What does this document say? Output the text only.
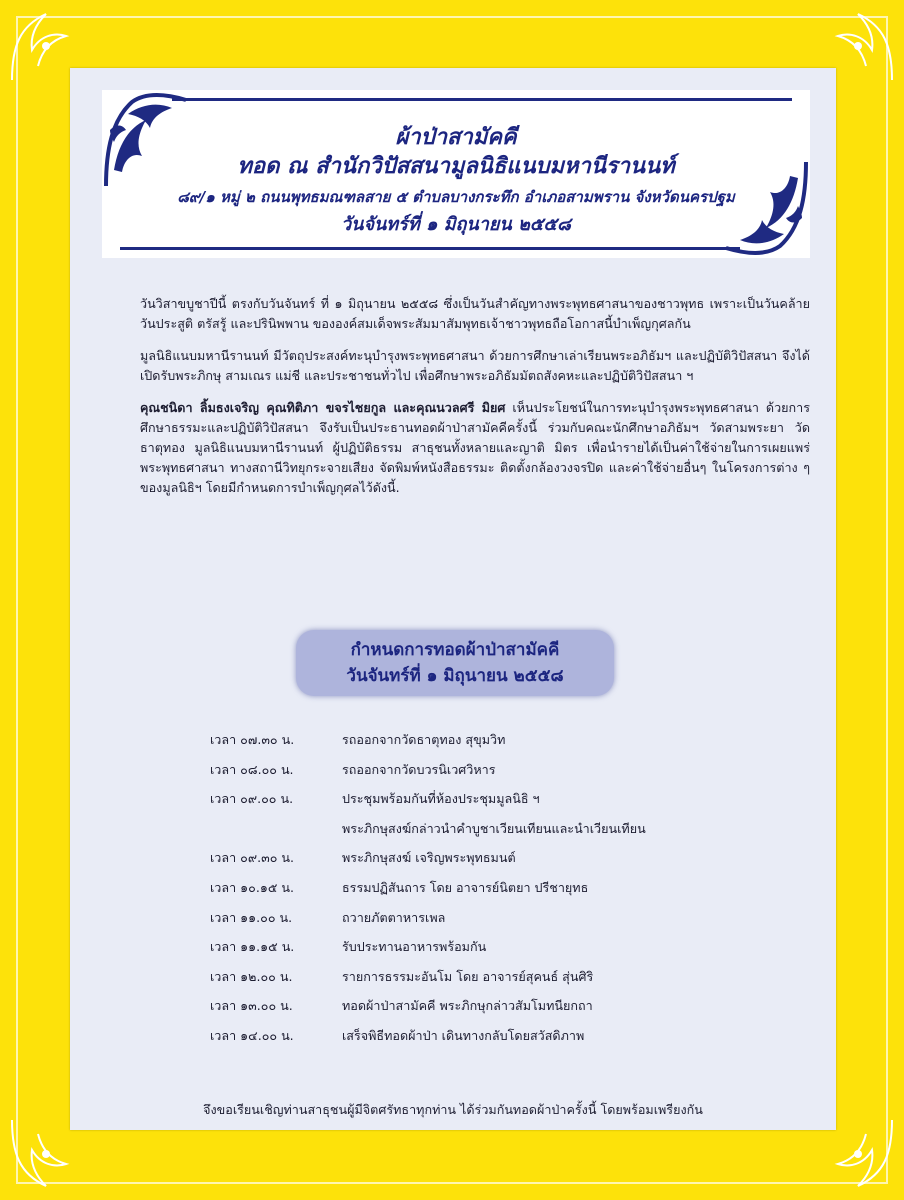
ผ้าป่าสามัคคี
ทอด ณ สำนักวิปัสสนามูลนิธิแนบมหานีรานนท์
๘๙/๑ หมู่ ๒ ถนนพุทธมณฑลสาย ๕ ตำบลบางกระทึก อำเภอสามพราน จังหวัดนครปฐม
วันจันทร์ที่ ๑ มิถุนายน ๒๕๕๘

วันวิสาขบูชาปีนี้ ตรงกับวันจันทร์ ที่ ๑ มิถุนายน ๒๕๕๘ ซึ่งเป็นวันสำคัญทางพระพุทธศาสนาของชาวพุทธ เพราะเป็นวันคล้ายวันประสูติ ตรัสรู้ และปรินิพพาน ขององค์สมเด็จพระสัมมาสัมพุทธเจ้าชาวพุทธถือโอกาสนี้บำเพ็ญกุศลกัน

มูลนิธิแนบมหานีรานนท์ มีวัตถุประสงค์ทะนุบำรุงพระพุทธศาสนา ด้วยการศึกษาเล่าเรียนพระอภิธัมฯ และปฏิบัติวิปัสสนา จึงได้เปิดรับพระภิกษุ สามเณร แม่ชี และประชาชนทั่วไป เพื่อศึกษาพระอภิธัมมัตถสังคหะและปฏิบัติวิปัสสนา ฯ

คุณชนิดา ลิ้มธงเจริญ คุณทิติภา ขจรไชยกูล และคุณนวลศรี มิยศ เห็นประโยชน์ในการทะนุบำรุงพระพุทธศาสนา ด้วยการศึกษาธรรมะและปฏิบัติวิปัสสนา จึงรับเป็นประธานทอดผ้าป่าสามัคคีครั้งนี้ ร่วมกับคณะนักศึกษาอภิธัมฯ วัดสามพระยา วัดธาตุทอง มูลนิธิแนบมหานีรานนท์ ผู้ปฏิบัติธรรม สาธุชนทั้งหลายและญาติ มิตร เพื่อนำรายได้เป็นค่าใช้จ่ายในการเผยแพร่พระพุทธศาสนา ทางสถานีวิทยุกระจายเสียง จัดพิมพ์หนังสือธรรมะ ติดตั้งกล้องวงจรปิด และค่าใช้จ่ายอื่นๆ ในโครงการต่าง ๆ ของมูลนิธิฯ โดยมีกำหนดการบำเพ็ญกุศลไว้ดังนี้.

กำหนดการทอดผ้าป่าสามัคคี
วันจันทร์ที่ ๑ มิถุนายน ๒๕๕๘
เวลา ๐๗.๓๐ น.	รถออกจากวัดธาตุทอง สุขุมวิท
เวลา ๐๘.๐๐ น.	รถออกจากวัดบวรนิเวศวิหาร
เวลา ๐๙.๐๐ น.	ประชุมพร้อมกันที่ห้องประชุมมูลนิธิ ฯ
พระภิกษุสงฆ์กล่าวนำคำบูชาเวียนเทียนและนำเวียนเทียน
เวลา ๐๙.๓๐ น.	พระภิกษุสงฆ์ เจริญพระพุทธมนต์
เวลา ๑๐.๑๕ น.	ธรรมปฏิสันถาร โดย อาจารย์นิตยา ปรีชายุทธ
เวลา ๑๑.๐๐ น.	ถวายภัตตาหารเพล
เวลา ๑๑.๑๕ น.	รับประทานอาหารพร้อมกัน
เวลา ๑๒.๐๐ น.	รายการธรรมะอันโม โดย อาจารย์สุคนธ์ สุ่นศิริ
เวลา ๑๓.๐๐ น.	ทอดผ้าป่าสามัคคี พระภิกษุกล่าวสัมโมทนียกถา
เวลา ๑๔.๐๐ น.	เสร็จพิธีทอดผ้าป่า เดินทางกลับโดยสวัสดิภาพ
จึงขอเรียนเชิญท่านสาธุชนผู้มีจิตศรัทธาทุกท่าน ได้ร่วมกันทอดผ้าป่าครั้งนี้ โดยพร้อมเพรียงกัน
